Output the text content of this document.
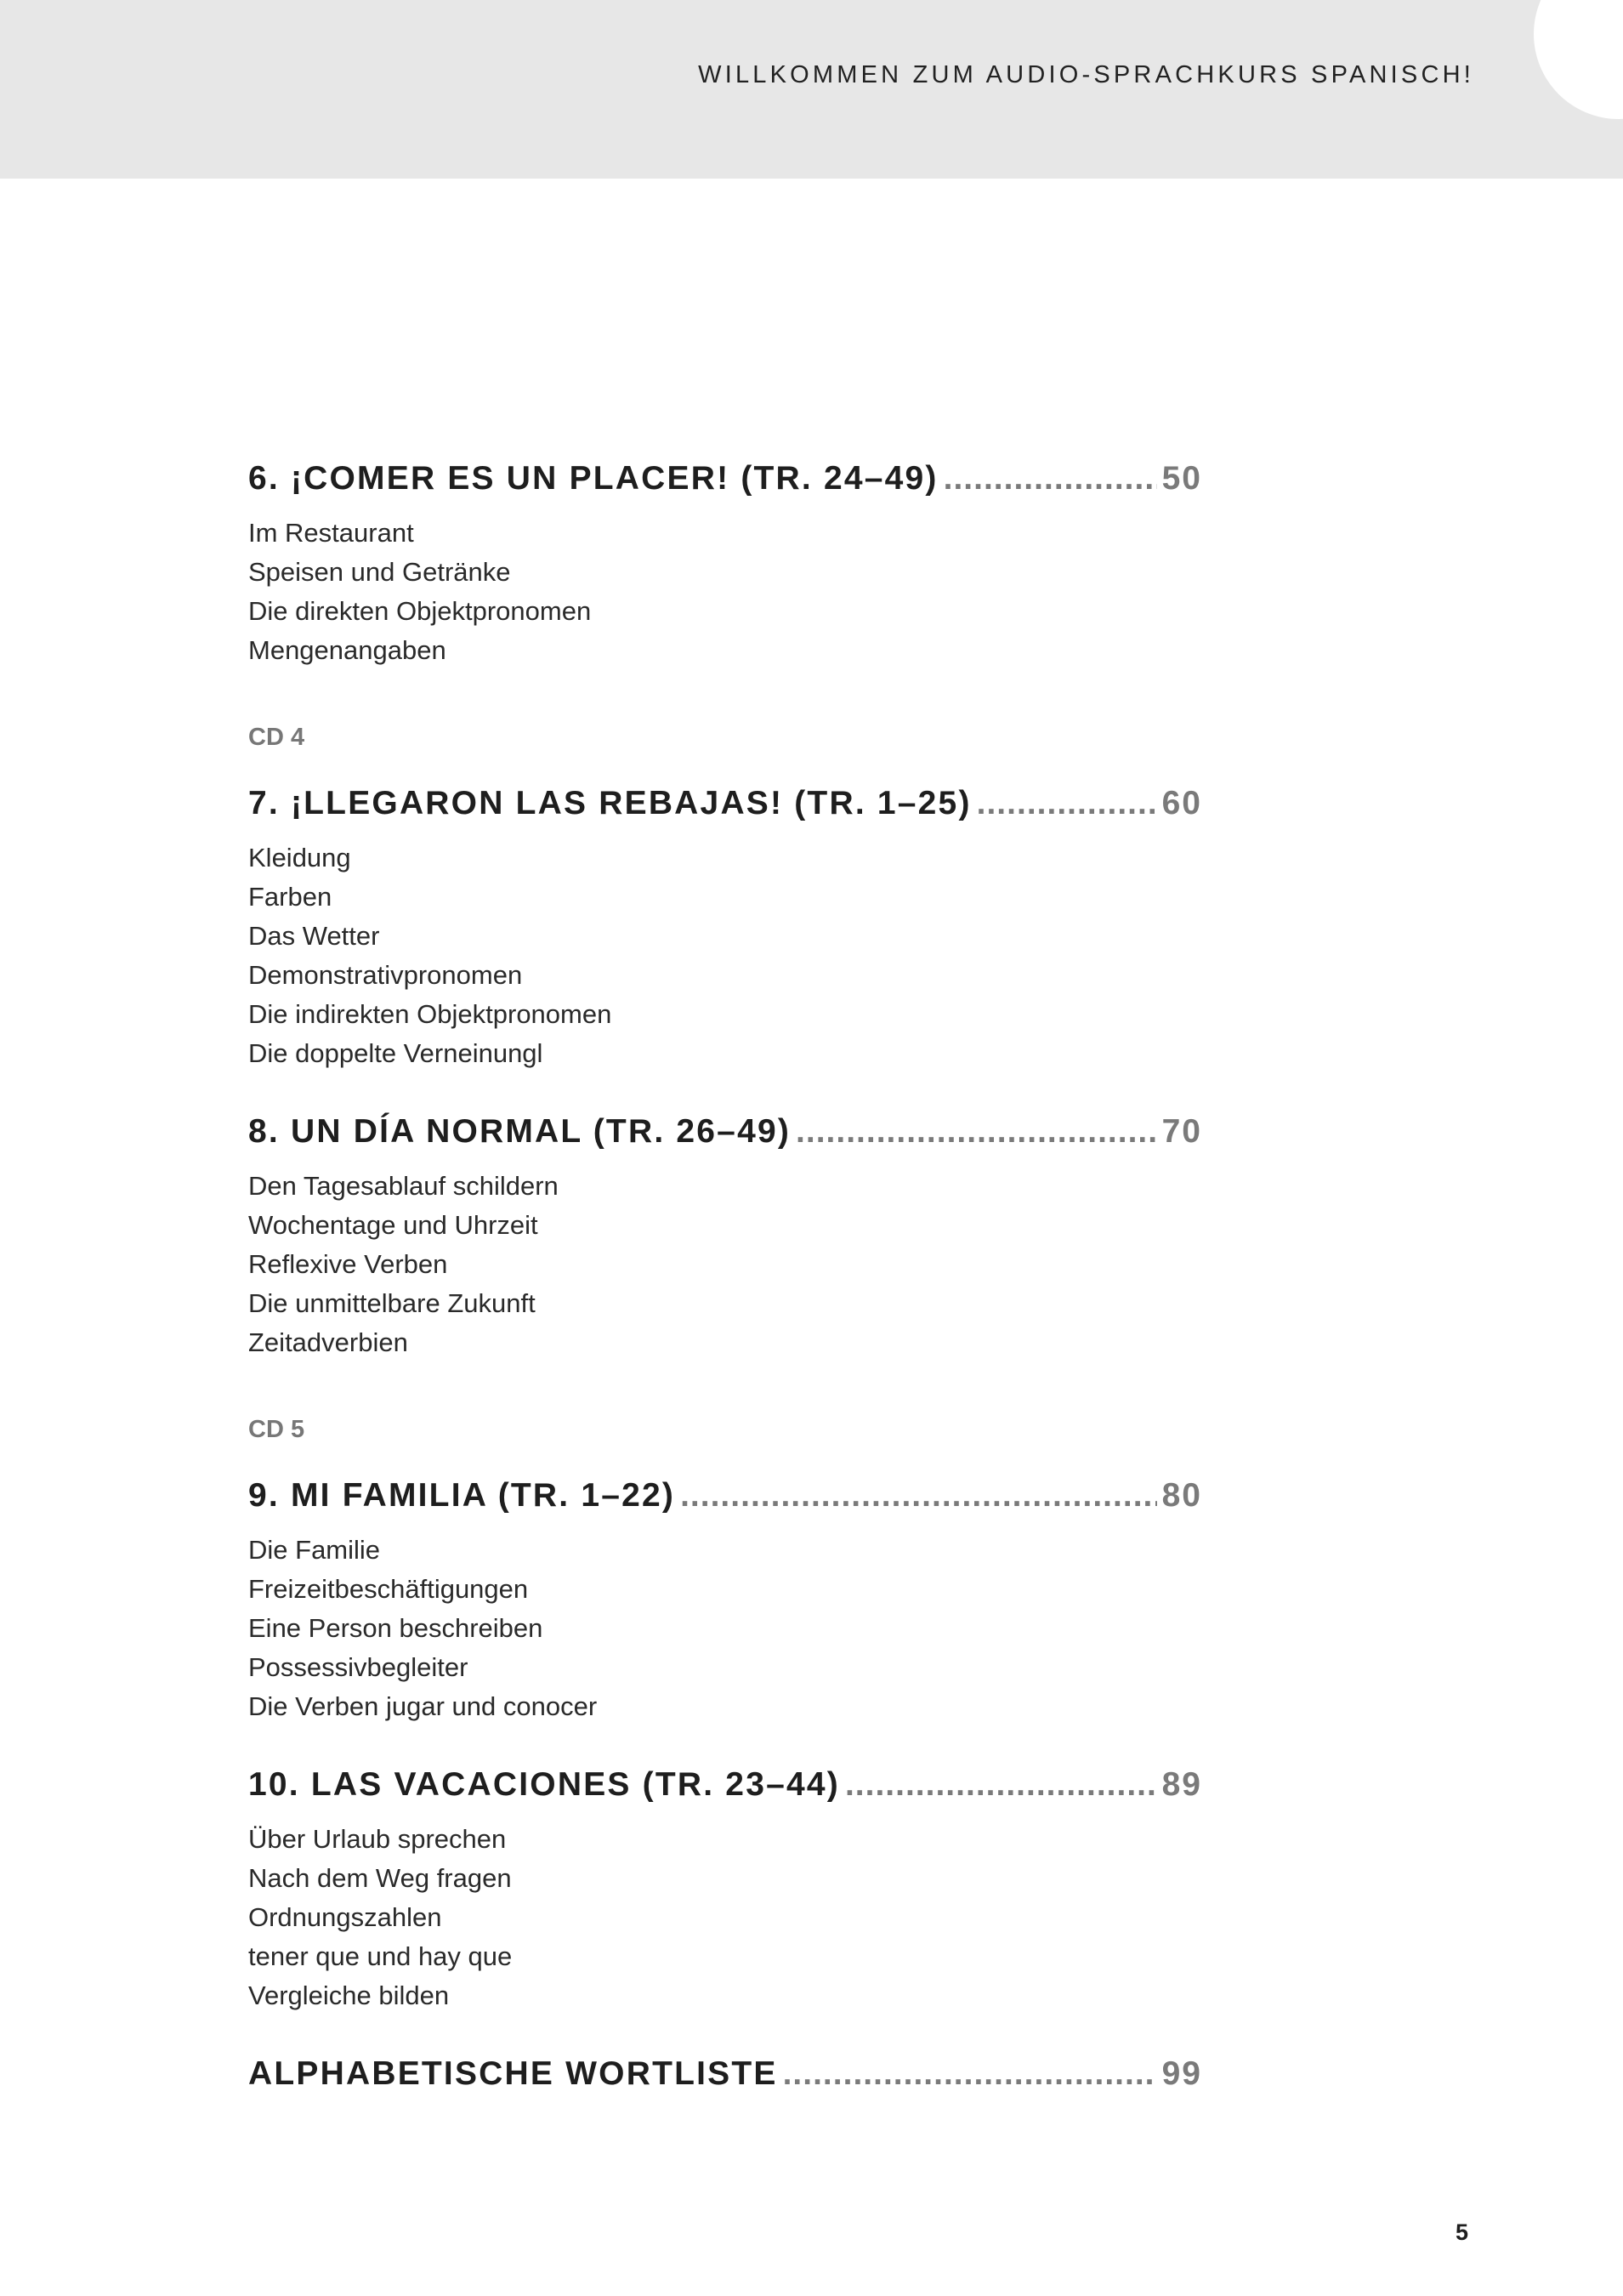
WILLKOMMEN ZUM AUDIO-SPRACHKURS SPANISCH!
6. ¡COMER ES UN PLACER! (TR. 24–49) .....	50
Im Restaurant
Speisen und Getränke
Die direkten Objektpronomen
Mengenangaben
CD 4
7. ¡LLEGARON LAS REBAJAS! (TR. 1–25) .....	60
Kleidung
Farben
Das Wetter
Demonstrativpronomen
Die indirekten Objektpronomen
Die doppelte Verneinungl
8. UN DÍA NORMAL (TR. 26–49) .....	70
Den Tagesablauf schildern
Wochentage und Uhrzeit
Reflexive Verben
Die unmittelbare Zukunft
Zeitadverbien
CD 5
9. MI FAMILIA (TR. 1–22) .....	80
Die Familie
Freizeitbeschäftigungen
Eine Person beschreiben
Possessivbegleiter
Die Verben jugar und conocer
10. LAS VACACIONES (TR. 23–44) .....	89
Über Urlaub sprechen
Nach dem Weg fragen
Ordnungszahlen
tener que und hay que
Vergleiche bilden
ALPHABETISCHE WORTLISTE .....	99
5
